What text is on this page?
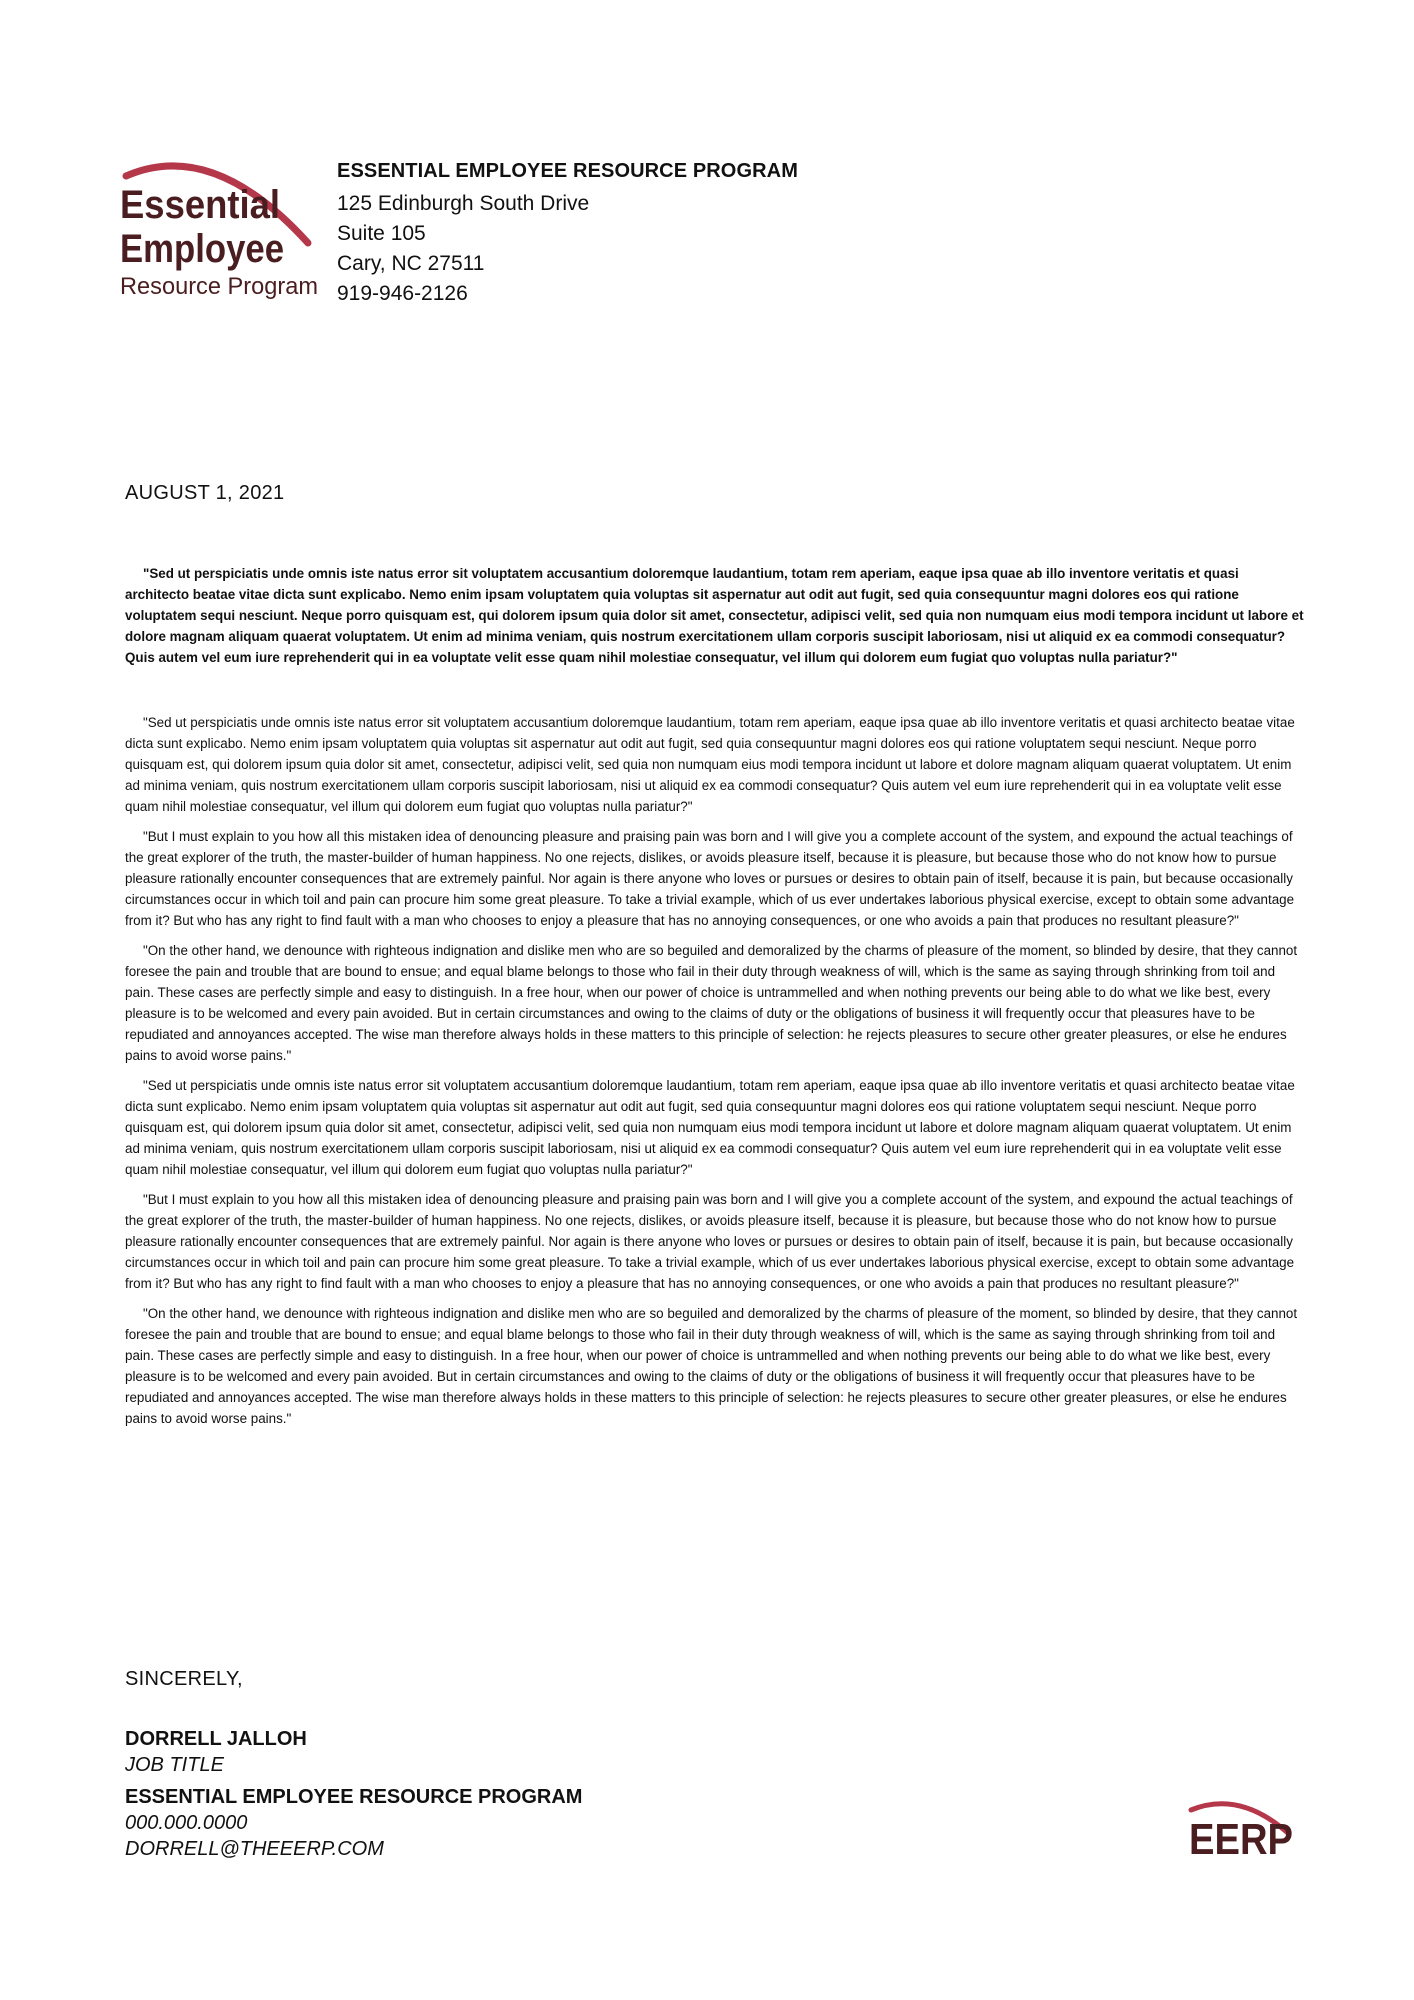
Essential
Employee
Resource Program
ESSENTIAL EMPLOYEE RESOURCE PROGRAM
125 Edinburgh South Drive
Suite 105
Cary, NC 27511
919-946-2126
AUGUST 1, 2021

"Sed ut perspiciatis unde omnis iste natus error sit voluptatem accusantium doloremque laudantium, totam rem aperiam, eaque ipsa quae ab illo inventore veritatis et quasi architecto beatae vitae dicta sunt explicabo. Nemo enim ipsam voluptatem quia voluptas sit aspernatur aut odit aut fugit, sed quia consequuntur magni dolores eos qui ratione voluptatem sequi nesciunt. Neque porro quisquam est, qui dolorem ipsum quia dolor sit amet, consectetur, adipisci velit, sed quia non numquam eius modi tempora incidunt ut labore et dolore magnam aliquam quaerat voluptatem. Ut enim ad minima veniam, quis nostrum exercitationem ullam corporis suscipit laboriosam, nisi ut aliquid ex ea commodi consequatur? Quis autem vel eum iure reprehenderit qui in ea voluptate velit esse quam nihil molestiae consequatur, vel illum qui dolorem eum fugiat quo voluptas nulla pariatur?"

"Sed ut perspiciatis unde omnis iste natus error sit voluptatem accusantium doloremque laudantium, totam rem aperiam, eaque ipsa quae ab illo inventore veritatis et quasi architecto beatae vitae dicta sunt explicabo. Nemo enim ipsam voluptatem quia voluptas sit aspernatur aut odit aut fugit, sed quia consequuntur magni dolores eos qui ratione voluptatem sequi nesciunt. Neque porro quisquam est, qui dolorem ipsum quia dolor sit amet, consectetur, adipisci velit, sed quia non numquam eius modi tempora incidunt ut labore et dolore magnam aliquam quaerat voluptatem. Ut enim ad minima veniam, quis nostrum exercitationem ullam corporis suscipit laboriosam, nisi ut aliquid ex ea commodi consequatur? Quis autem vel eum iure reprehenderit qui in ea voluptate velit esse quam nihil molestiae consequatur, vel illum qui dolorem eum fugiat quo voluptas nulla pariatur?"

"But I must explain to you how all this mistaken idea of denouncing pleasure and praising pain was born and I will give you a complete account of the system, and expound the actual teachings of the great explorer of the truth, the master-builder of human happiness. No one rejects, dislikes, or avoids pleasure itself, because it is pleasure, but because those who do not know how to pursue pleasure rationally encounter consequences that are extremely painful. Nor again is there anyone who loves or pursues or desires to obtain pain of itself, because it is pain, but because occasionally circumstances occur in which toil and pain can procure him some great pleasure. To take a trivial example, which of us ever undertakes laborious physical exercise, except to obtain some advantage from it? But who has any right to find fault with a man who chooses to enjoy a pleasure that has no annoying consequences, or one who avoids a pain that produces no resultant pleasure?"

"On the other hand, we denounce with righteous indignation and dislike men who are so beguiled and demoralized by the charms of pleasure of the moment, so blinded by desire, that they cannot foresee the pain and trouble that are bound to ensue; and equal blame belongs to those who fail in their duty through weakness of will, which is the same as saying through shrinking from toil and pain. These cases are perfectly simple and easy to distinguish. In a free hour, when our power of choice is untrammelled and when nothing prevents our being able to do what we like best, every pleasure is to be welcomed and every pain avoided. But in certain circumstances and owing to the claims of duty or the obligations of business it will frequently occur that pleasures have to be repudiated and annoyances accepted. The wise man therefore always holds in these matters to this principle of selection: he rejects pleasures to secure other greater pleasures, or else he endures pains to avoid worse pains."

"Sed ut perspiciatis unde omnis iste natus error sit voluptatem accusantium doloremque laudantium, totam rem aperiam, eaque ipsa quae ab illo inventore veritatis et quasi architecto beatae vitae dicta sunt explicabo. Nemo enim ipsam voluptatem quia voluptas sit aspernatur aut odit aut fugit, sed quia consequuntur magni dolores eos qui ratione voluptatem sequi nesciunt. Neque porro quisquam est, qui dolorem ipsum quia dolor sit amet, consectetur, adipisci velit, sed quia non numquam eius modi tempora incidunt ut labore et dolore magnam aliquam quaerat voluptatem. Ut enim ad minima veniam, quis nostrum exercitationem ullam corporis suscipit laboriosam, nisi ut aliquid ex ea commodi consequatur? Quis autem vel eum iure reprehenderit qui in ea voluptate velit esse quam nihil molestiae consequatur, vel illum qui dolorem eum fugiat quo voluptas nulla pariatur?"

"But I must explain to you how all this mistaken idea of denouncing pleasure and praising pain was born and I will give you a complete account of the system, and expound the actual teachings of the great explorer of the truth, the master-builder of human happiness. No one rejects, dislikes, or avoids pleasure itself, because it is pleasure, but because those who do not know how to pursue pleasure rationally encounter consequences that are extremely painful. Nor again is there anyone who loves or pursues or desires to obtain pain of itself, because it is pain, but because occasionally circumstances occur in which toil and pain can procure him some great pleasure. To take a trivial example, which of us ever undertakes laborious physical exercise, except to obtain some advantage from it? But who has any right to find fault with a man who chooses to enjoy a pleasure that has no annoying consequences, or one who avoids a pain that produces no resultant pleasure?"

"On the other hand, we denounce with righteous indignation and dislike men who are so beguiled and demoralized by the charms of pleasure of the moment, so blinded by desire, that they cannot foresee the pain and trouble that are bound to ensue; and equal blame belongs to those who fail in their duty through weakness of will, which is the same as saying through shrinking from toil and pain. These cases are perfectly simple and easy to distinguish. In a free hour, when our power of choice is untrammelled and when nothing prevents our being able to do what we like best, every pleasure is to be welcomed and every pain avoided. But in certain circumstances and owing to the claims of duty or the obligations of business it will frequently occur that pleasures have to be repudiated and annoyances accepted. The wise man therefore always holds in these matters to this principle of selection: he rejects pleasures to secure other greater pleasures, or else he endures pains to avoid worse pains."

SINCERELY,
DORRELL JALLOH
JOB TITLE
ESSENTIAL EMPLOYEE RESOURCE PROGRAM
000.000.0000
DORRELL@THEEERP.COM	EERP
